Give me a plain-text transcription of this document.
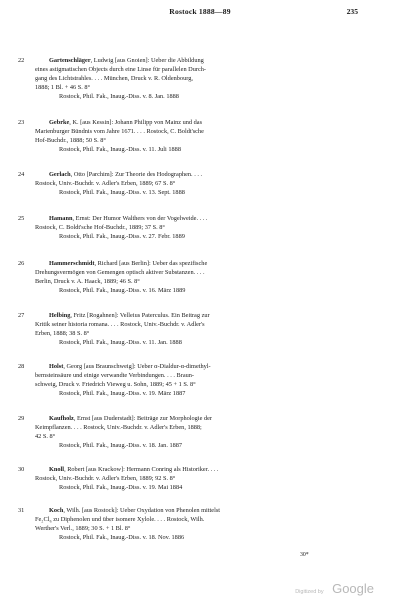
Rostock 1888—89	235
22	Gartenschläger, Ludwig [aus Gnoien]: Ueber die Abbildung
eines astigmatischen Objects durch eine Linse für parallelen Durch-
gang des Lichtstrahles. . . . München, Druck v. R. Oldenbourg,
1888; 1 Bl. + 46 S. 8°
Rostock, Phil. Fak., Inaug.-Diss. v. 8. Jan. 1888
23	Gebrke, K. [aus Kessin]: Johann Philipp von Mainz und das
Marienburger Bündnis vom Jahre 1671. . . . Rostock, C. Boldt'sche
Hof-Buchdr., 1888; 50 S. 8°
Rostock, Phil. Fak., Inaug.-Diss. v. 11. Juli 1888
24	Gerlach, Otto [Parchim]: Zur Theorie des Hodographen. . . .
Rostock, Univ.-Buchdr. v. Adler's Erben, 1889; 67 S. 8°
Rostock, Phil. Fak., Inaug.-Diss. v. 13. Sept. 1888
25	Hamann, Ernst: Der Humor Walthers von der Vogelweide. . . .
Rostock, C. Boldt'sche Hof-Buchdr., 1889; 37 S. 8°
Rostock, Phil. Fak., Inaug.-Diss. v. 27. Febr. 1889
26	Hammerschmidt, Richard [aus Berlin]: Ueber das spezifische
Drehungsvermögen von Gemengen optisch aktiver Substanzen. . . .
Berlin, Druck v. A. Haack, 1889; 46 S. 8°
Rostock, Phil. Fak., Inaug.-Diss. v. 16. März 1889
27	Helbing, Fritz [Rogahnen]: Velleius Paterculus. Ein Beitrag zur
Kritik seiner historia romana. . . . Rostock, Univ.-Buchdr. v. Adler's
Erben, 1888; 38 S. 8°
Rostock, Phil. Fak., Inaug.-Diss. v. 11. Jan. 1888
28	Holst, Georg [aus Braunschweig]: Ueber α-Dialdur-α-dimethyl-
bernsteinsäure und einige verwandte Verbindungen. . . . Braun-
schweig, Druck v. Friedrich Vieweg u. Sohn, 1889; 45 + 1 S. 8°
Rostock, Phil. Fak., Inaug.-Diss. v. 19. März 1887
29	Kaufholz, Ernst [aus Duderstadt]: Beiträge zur Morphologie der
Keimpflanzen. . . . Rostock, Univ.-Buchdr. v. Adler's Erben, 1888;
42 S. 8°
Rostock, Phil. Fak., Inaug.-Diss. v. 18. Jan. 1887
30	Knoll, Robert [aus Krackow]: Hermann Conring als Historiker. . . .
Rostock, Univ.-Buchdr. v. Adler's Erben, 1889; 92 S. 8°
Rostock, Phil. Fak., Inaug.-Diss. v. 19. Mai 1884
31	Koch, Wilh. [aus Rostock]: Ueber Oxydation von Phenolen mittelst
Fe₂Cl₆ zu Diphenolen und über isomere Xylole. . . . Rostock, Wilh.
Werther's Verl., 1889; 30 S. + 1 Bl. 8°
Rostock, Phil. Fak., Inaug.-Diss. v. 18. Nov. 1886
30*
Digitized by Google
